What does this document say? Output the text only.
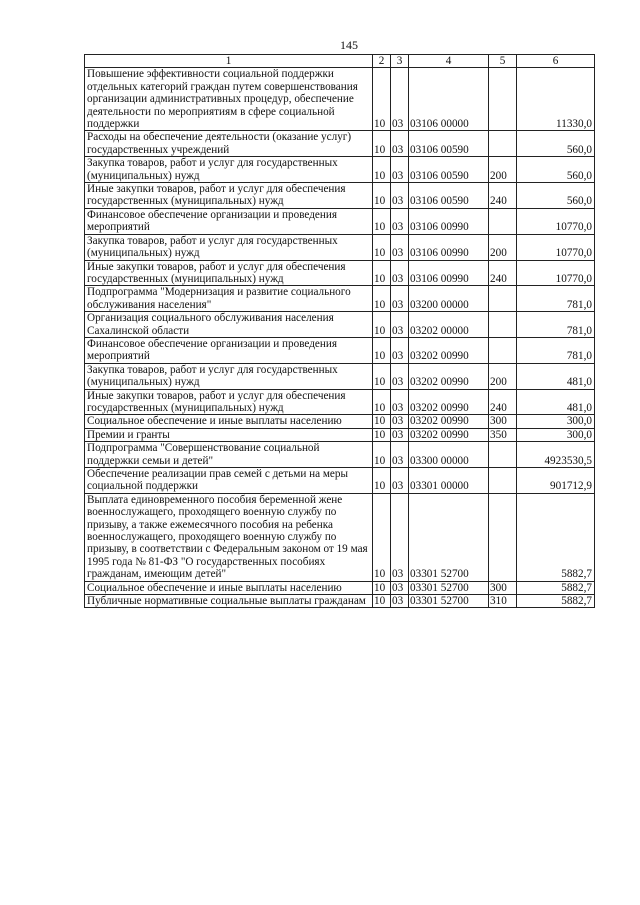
145
1	2	3	4	5	6
Повышение эффективности социальной поддержки отдельных категорий граждан путем совершенствования организации административных процедур, обеспечение деятельности по мероприятиям в сфере социальной поддержки	10	03	03106 00000		11330,0
Расходы на обеспечение деятельности (оказание услуг) государственных учреждений	10	03	03106 00590		560,0
Закупка товаров, работ и услуг для государственных (муниципальных) нужд	10	03	03106 00590	200	560,0
Иные закупки товаров, работ и услуг для обеспечения государственных (муниципальных) нужд	10	03	03106 00590	240	560,0
Финансовое обеспечение организации и проведения мероприятий	10	03	03106 00990		10770,0
Закупка товаров, работ и услуг для государственных (муниципальных) нужд	10	03	03106 00990	200	10770,0
Иные закупки товаров, работ и услуг для обеспечения государственных (муниципальных) нужд	10	03	03106 00990	240	10770,0
Подпрограмма "Модернизация и развитие социального обслуживания населения"	10	03	03200 00000		781,0
Организация социального обслуживания населения Сахалинской области	10	03	03202 00000		781,0
Финансовое обеспечение организации и проведения мероприятий	10	03	03202 00990		781,0
Закупка товаров, работ и услуг для государственных (муниципальных) нужд	10	03	03202 00990	200	481,0
Иные закупки товаров, работ и услуг для обеспечения государственных (муниципальных) нужд	10	03	03202 00990	240	481,0
Социальное обеспечение и иные выплаты населению	10	03	03202 00990	300	300,0
Премии и гранты	10	03	03202 00990	350	300,0
Подпрограмма "Совершенствование социальной поддержки семьи и детей"	10	03	03300 00000		4923530,5
Обеспечение реализации прав семей с детьми на меры социальной поддержки	10	03	03301 00000		901712,9
Выплата единовременного пособия беременной жене военнослужащего, проходящего военную службу по призыву, а также ежемесячного пособия на ребенка военнослужащего, проходящего военную службу по призыву, в соответствии с Федеральным законом от 19 мая 1995 года № 81-ФЗ "О государственных пособиях гражданам, имеющим детей"	10	03	03301 52700		5882,7
Социальное обеспечение и иные выплаты населению	10	03	03301 52700	300	5882,7
Публичные нормативные социальные выплаты гражданам	10	03	03301 52700	310	5882,7
